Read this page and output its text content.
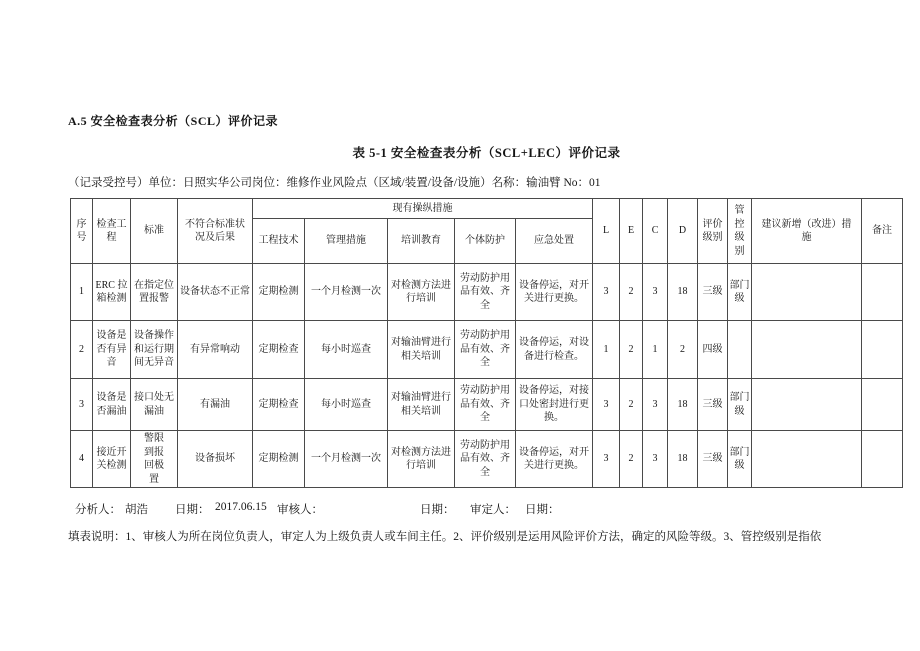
A.5 安全检查表分析（SCL）评价记录
表 5-1 安全检查表分析（SCL+LEC）评价记录
（记录受控号）单位：日照实华公司岗位：维修作业风险点（区域/装置/设备/设施）名称：输油臂 No：01
序号	检查工程	标准	不符合标准状况及后果	现有操纵措施					L	E	C	D	评价级别	管控级别	建议新增（改进）措施	备注
				工程技术	管理措施	培训教育	个体防护	应急处置								
1	ERC 拉箱检测	在指定位置报警	设备状态不正常	定期检测	一个月检测一次	对检测方法进行培训	劳动防护用品有效、齐全	设备停运，对开关进行更换。	3	2	3	18	三级	部门级		
2	设备是否有异音	设备操作和运行期间无异音	有异常响动	定期检查	每小时巡查	对输油臂进行相关培训	劳动防护用品有效、齐全	设备停运，对设备进行检查。	1	2	1	2	四级			
3	设备是否漏油	接口处无漏油	有漏油	定期检查	每小时巡查	对输油臂进行相关培训	劳动防护用品有效、齐全	设备停运，对接口处密封进行更换。	3	2	3	18	三级	部门级		
4	接近开关检测	警限到报回极置	设备损坏	定期检测	一个月检测一次	对检测方法进行培训	劳动防护用品有效、齐全	设备停运，对开关进行更换。	3	2	3	18	三级	部门级		
分析人： 胡浩 日期： 2017.06.15 审核人：	日期： 审定人： 日期：
填表说明：1、审核人为所在岗位负责人，审定人为上级负责人或车间主任。2、评价级别是运用风险评价方法，确定的风险等级。3、管控级别是指依
